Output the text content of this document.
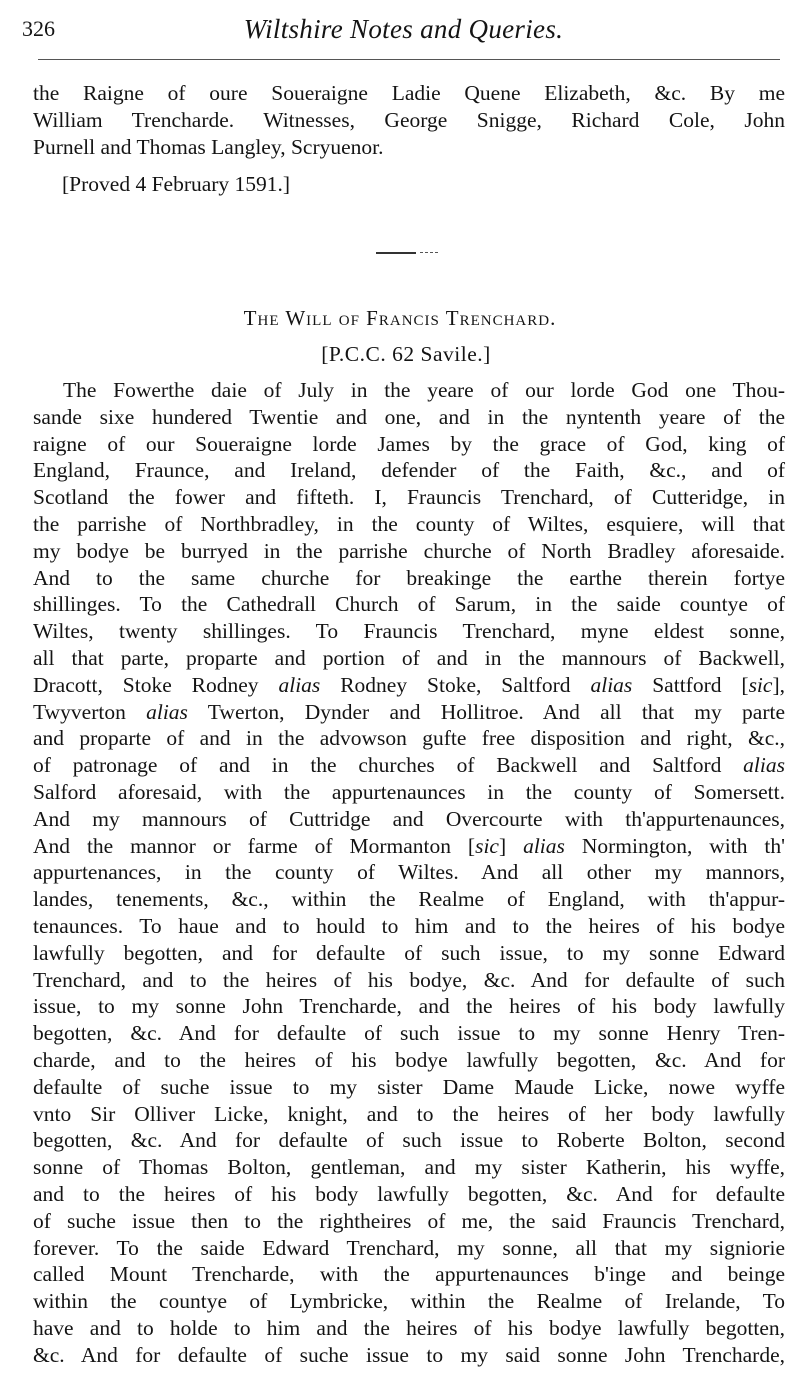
326	Wiltshire Notes and Queries.
the Raigne of oure Soueraigne Ladie Quene Elizabeth, &c. By me
William Trencharde. Witnesses, George Snigge, Richard Cole, John
Purnell and Thomas Langley, Scryuenor.
[Proved 4 February 1591.]
The Will of Francis Trenchard.
[P.C.C. 62 Savile.]
The Fowerthe daie of July in the yeare of our lorde God one Thou-
sande sixe hundered Twentie and one, and in the nyntenth yeare of the
raigne of our Soueraigne lorde James by the grace of God, king of
England, Fraunce, and Ireland, defender of the Faith, &c., and of
Scotland the fower and fifteth. I, Frauncis Trenchard, of Cutteridge, in
the parrishe of Northbradley, in the county of Wiltes, esquiere, will that
my bodye be burryed in the parrishe churche of North Bradley aforesaide.
And to the same churche for breakinge the earthe therein fortye
shillinges. To the Cathedrall Church of Sarum, in the saide countye of
Wiltes, twenty shillinges. To Frauncis Trenchard, myne eldest sonne,
all that parte, proparte and portion of and in the mannours of Backwell,
Dracott, Stoke Rodney alias Rodney Stoke, Saltford alias Sattford [sic],
Twyverton alias Twerton, Dynder and Hollitroe. And all that my parte
and proparte of and in the advowson gufte free disposition and right, &c.,
of patronage of and in the churches of Backwell and Saltford alias
Salford aforesaid, with the appurtenaunces in the county of Somersett.
And my mannours of Cuttridge and Overcourte with th'appurtenaunces,
And the mannor or farme of Mormanton [sic] alias Normington, with th'
appurtenances, in the county of Wiltes. And all other my mannors,
landes, tenements, &c., within the Realme of England, with th'appur-
tenaunces. To haue and to hould to him and to the heires of his bodye
lawfully begotten, and for defaulte of such issue, to my sonne Edward
Trenchard, and to the heires of his bodye, &c. And for defaulte of such
issue, to my sonne John Trencharde, and the heires of his body lawfully
begotten, &c. And for defaulte of such issue to my sonne Henry Tren-
charde, and to the heires of his bodye lawfully begotten, &c. And for
defaulte of suche issue to my sister Dame Maude Licke, nowe wyffe
vnto Sir Olliver Licke, knight, and to the heires of her body lawfully
begotten, &c. And for defaulte of such issue to Roberte Bolton, second
sonne of Thomas Bolton, gentleman, and my sister Katherin, his wyffe,
and to the heires of his body lawfully begotten, &c. And for defaulte
of suche issue then to the rightheires of me, the said Frauncis Trenchard,
forever. To the saide Edward Trenchard, my sonne, all that my signiorie
called Mount Trencharde, with the appurtenaunces b'inge and beinge
within the countye of Lymbricke, within the Realme of Irelande, To
have and to holde to him and the heires of his bodye lawfully begotten,
&c. And for defaulte of suche issue to my said sonne John Trencharde,
